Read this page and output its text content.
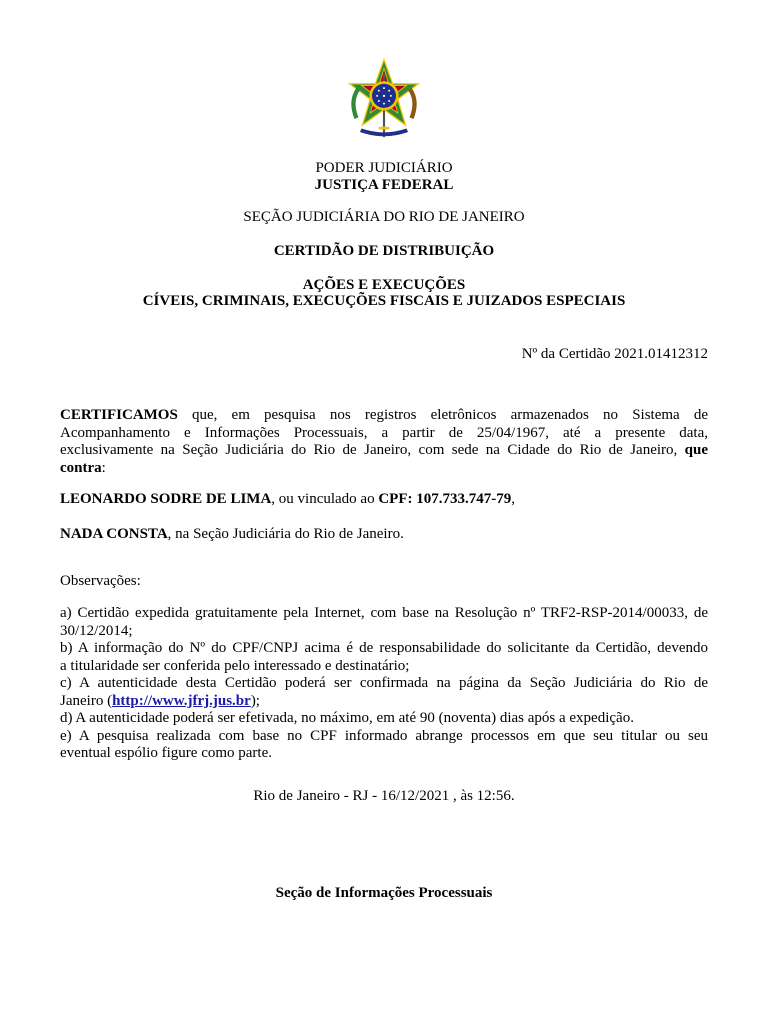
PODER JUDICIÁRIO
JUSTIÇA FEDERAL
SEÇÃO JUDICIÁRIA DO RIO DE JANEIRO
CERTIDÃO DE DISTRIBUIÇÃO
AÇÕES E EXECUÇÕES
CÍVEIS, CRIMINAIS, EXECUÇÕES FISCAIS E JUIZADOS ESPECIAIS
Nº da Certidão 2021.01412312
CERTIFICAMOS que, em pesquisa nos registros eletrônicos armazenados no Sistema de
Acompanhamento e Informações Processuais, a partir de 25/04/1967, até a presente data,
exclusivamente na Seção Judiciária do Rio de Janeiro, com sede na Cidade do Rio de Janeiro, que
contra:
LEONARDO SODRE DE LIMA, ou vinculado ao CPF: 107.733.747-79,
NADA CONSTA, na Seção Judiciária do Rio de Janeiro.
Observações:
a) Certidão expedida gratuitamente pela Internet, com base na Resolução nº TRF2-RSP-2014/00033, de
30/12/2014;
b) A informação do Nº do CPF/CNPJ acima é de responsabilidade do solicitante da Certidão, devendo
a titularidade ser conferida pelo interessado e destinatário;
c) A autenticidade desta Certidão poderá ser confirmada na página da Seção Judiciária do Rio de
Janeiro (http://www.jfrj.jus.br);
d) A autenticidade poderá ser efetivada, no máximo, em até 90 (noventa) dias após a expedição.
e) A pesquisa realizada com base no CPF informado abrange processos em que seu titular ou seu
eventual espólio figure como parte.
Rio de Janeiro - RJ - 16/12/2021 , às 12:56.
Seção de Informações Processuais
